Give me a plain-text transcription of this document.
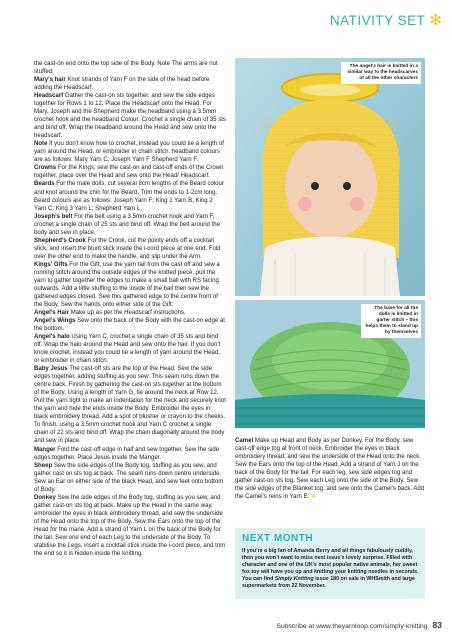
NATIVITY SET ✻

the cast-on end onto the top side of the Body. Note The arms are not stuffed.

Mary’s hair Knot strands of Yarn F on the side of the head before adding the Headscarf.

Headscarf Gather the cast-on sts together, and sew the side edges together for Rows 1 to 12. Place the Headscarf onto the Head. For Mary, Joseph and the Shepherd make the headband using a 3.5mm crochet hook and the headband Colour. Crochet a single chain of 35 sts and bind off. Wrap the headband around the Head and sew onto the headscarf.

Note If you don’t know how to crochet, instead you could tie a length of yarn around the Head, or embroider in chain stitch. headband colours are as follows: Mary Yarn C; Joseph Yarn F Shepherd Yarn F.

Crowns For the Kings, sew the cast-on and cast-off ends of the Crown together, place over the Head and sew onto the Head/ Headscarf.

Beards For the male dolls, cut several 8cm lengths of the Beard colour and knot around the chin for the Beard. Trim the ends to 1-2cm long. Beard colours are as follows: Joseph Yarn F; King 1 Yarn B; King 2 Yarn C; King 3 Yarn L; Shepherd Yarn L.

Joseph’s belt For the belt using a 3.5mm crochet hook and Yarn F, crochet a single chain of 25 sts and bind off. Wrap the belt around the body and sew in place.

Shepherd’s Crook For the Crook, cut the pointy ends off a cocktail stick, and insert the blunt stick inside the i-cord piece at one end. Fold over the other end to make the handle, and slip under the Arm.

Kings’ Gifts For the Gift, use the yarn tail from the cast off and sew a running stitch around the outside edges of the knitted piece, pull the yarn to gather together the edges to make a small ball with RS facing outwards. Add a little stuffing to the inside of the ball then sew the gathered edges closed. Sew this gathered edge to the centre front of the Body. Sew the hands onto either side of the Gift.

Angel’s Hair Make up as per the Headscarf instructions.

Angel’s Wings Sew onto the back of the Body with the cast-on edge at the bottom.

Angel’s halo Using Yarn C, crochet a single chain of 35 sts and bind off. Wrap the halo around the Head and sew onto the hair. If you don’t know crochet, instead you could tie a length of yarn around the Head, or embroider in chain stitch.

Baby Jesus The cast-off sts are the top of the Head. Sew the side edges together, adding stuffing as you sew. This seam runs down the centre back. Finish by gathering the cast-on sts together at the bottom of the Body. Using a length of Yarn G, tie around the neck at Row 12. Pull the yarn tight to make an indentation for the neck and securely knot the yarn and hide the ends inside the Body. Embroider the eyes in black embroidery thread. Add a spot of blusher or crayon to the cheeks. To finish, using a 3.5mm crochet hook and Yarn C crochet a single chain of 22 sts and bind off. Wrap the chain diagonally around the body and sew in place.

Manger Fold the cast-off edge in half and sew together. Sew the side edges together. Place Jesus inside the Manger.

Sheep Sew the side edges of the Body tog, stuffing as you sew, and gather cast on sts tog at back. The seam runs down centre underside. Sew an Ear on either side of the black Head, and sew feet onto bottom of Body.

Donkey Sew the side edges of the Body tog, stuffing as you sew, and gather cast-on sts tog at back. Make up the Head in the same way, embroider the eyes in black embroidery thread, and sew the underside of the Head onto the top of the Body. Sew the Ears onto the top of the Head for the mane. Add a strand of Yarn L on the back of the Body for the tail. Sew one end of each Leg to the underside of the Body. To stabilise the Legs, insert a cocktail stick inside the i-cord piece, and trim the end so it is hidden inside the knitting.

The angel’s hair is knitted in a similar way to the headscarves of all the other characters
The base for all the dolls is knitted in garter stitch – this helps them to stand up by themselves

Camel Make up Head and Body as per Donkey. For the Body, sew cast-off edge tog at front of neck. Embroider the eyes in black embroidery thread, and sew the underside of the Head onto the neck. Sew the Ears onto the top of the Head. Add a strand of Yarn J on the back of the Body for the tail. For each leg, sew side edges tog and gather cast-on sts tog. Sew each Leg onto the side of the Body. Sew the side edges of the Blanket tog, and sew onto the Camel’s back. Add the Camel’s reins in Yarn E. ✻

NEXT MONTH
If you’re a big fan of Amanda Berry and all things fabulously cuddly, then you won’t want to miss next issue’s lovely surprise. Filled with character and one of the UK’s most popular native animals, her sweet fox toy will have you up and knitting your knitting needles in seconds. You can find Simply Knitting issue 180 on sale in WHSmith and large supermarkets from 22 November.
Subscribe at www.theyarnloop.com/simply-knitting 83
